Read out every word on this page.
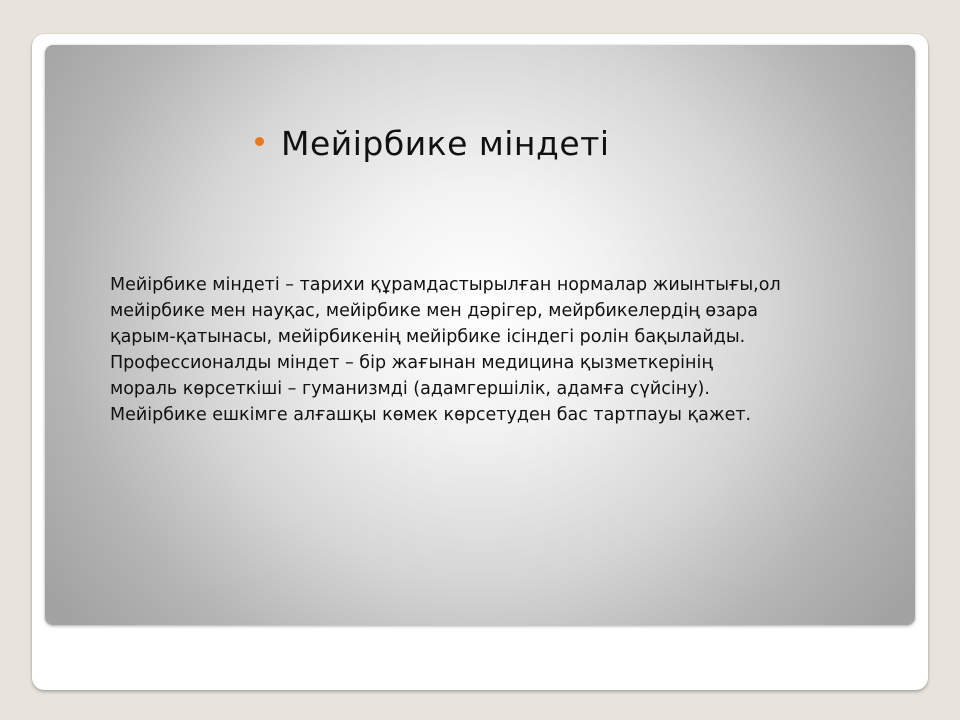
Мейірбике міндеті

Мейірбике міндеті – тарихи құрамдастырылған нормалар жиынтығы,ол
мейірбике мен науқас, мейірбике мен дәрігер, мейрбикелердің өзара
қарым-қатынасы, мейірбикенің мейірбике ісіндегі ролін бақылайды.
Профессионалды міндет – бір жағынан медицина қызметкерінің
мораль көрсеткіші – гуманизмді (адамгершілік, адамға сүйсіну).
Мейірбике ешкімге алғашқы көмек көрсетуден бас тартпауы қажет.
